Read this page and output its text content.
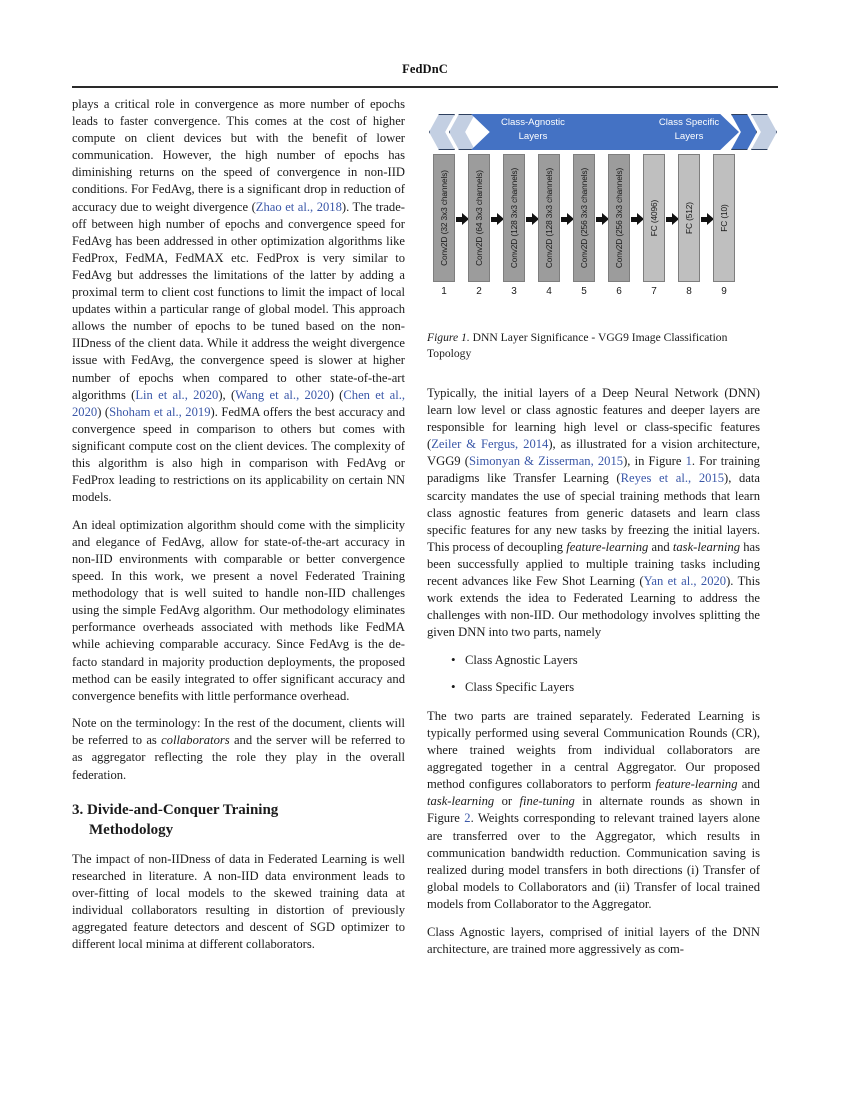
FedDnC

plays a critical role in convergence as more number of epochs leads to faster convergence. This comes at the cost of higher compute on client devices but with the benefit of lower communication. However, the high number of epochs has diminishing returns on the speed of convergence in non-IID conditions. For FedAvg, there is a significant drop in reduction of accuracy due to weight divergence (Zhao et al., 2018). The trade-off between high number of epochs and convergence speed for FedAvg has been addressed in other optimization algorithms like FedProx, FedMA, FedMAX etc. FedProx is very similar to FedAvg but addresses the limitations of the latter by adding a proximal term to client cost functions to limit the impact of local updates within a particular range of global model. This approach allows the number of epochs to be tuned based on the non-IIDness of the client data. While it address the weight divergence issue with FedAvg, the convergence speed is slower at higher number of epochs when compared to other state-of-the-art algorithms (Lin et al., 2020), (Wang et al., 2020) (Chen et al., 2020) (Shoham et al., 2019). FedMA offers the best accuracy and convergence speed in comparison to others but comes with significant compute cost on the client devices. The complexity of this algorithm is also high in comparison with FedAvg or FedProx leading to restrictions on its applicability on certain NN models.

An ideal optimization algorithm should come with the simplicity and elegance of FedAvg, allow for state-of-the-art accuracy in non-IID environments with comparable or better convergence speed. In this work, we present a novel Federated Training methodology that is well suited to handle non-IID challenges using the simple FedAvg algorithm. Our methodology eliminates performance overheads associated with methods like FedMA while achieving comparable accuracy. Since FedAvg is the de-facto standard in majority production deployments, the proposed method can be easily integrated to offer significant accuracy and convergence benefits with little performance overhead.

Note on the terminology: In the rest of the document, clients will be referred to as collaborators and the server will be referred to as aggregator reflecting the role they play in the overall federation.

3. Divide-and-Conquer Training
Methodology

The impact of non-IIDness of data in Federated Learning is well researched in literature. A non-IID data environment leads to over-fitting of local models to the skewed training data at individual collaborators resulting in distortion of previously aggregated feature detectors and descent of SGD optimizer to different local minima at different collaborators.

Class-Agnostic
Layers
Class Specific
Layers
Conv2D (32 3x3 channels)	Conv2D (64 3x3 channels)	Conv2D (128 3x3 channels)	Conv2D (128 3x3 channels)	Conv2D (256 3x3 channels)	Conv2D (256 3x3 channels)	FC (4096)	FC (512)	FC (10)
1	2	3	4	5	6	7	8	9
Figure 1. DNN Layer Significance - VGG9 Image Classification Topology

Typically, the initial layers of a Deep Neural Network (DNN) learn low level or class agnostic features and deeper layers are responsible for learning high level or class-specific features (Zeiler & Fergus, 2014), as illustrated for a vision architecture, VGG9 (Simonyan & Zisserman, 2015), in Figure 1. For training paradigms like Transfer Learning (Reyes et al., 2015), data scarcity mandates the use of special training methods that learn class agnostic features from generic datasets and learn class specific features for any new tasks by freezing the initial layers. This process of decoupling feature-learning and task-learning has been successfully applied to multiple training tasks including recent advances like Few Shot Learning (Yan et al., 2020). This work extends the idea to Federated Learning to address the challenges with non-IID. Our methodology involves splitting the given DNN into two parts, namely

• Class Agnostic Layers
• Class Specific Layers

The two parts are trained separately. Federated Learning is typically performed using several Communication Rounds (CR), where trained weights from individual collaborators are aggregated together in a central Aggregator. Our proposed method configures collaborators to perform feature-learning and task-learning or fine-tuning in alternate rounds as shown in Figure 2. Weights corresponding to relevant trained layers alone are transferred over to the Aggregator, which results in communication bandwidth reduction. Communication saving is realized during model transfers in both directions (i) Transfer of global models to Collaborators and (ii) Transfer of local trained models from Collaborator to the Aggregator.

Class Agnostic layers, comprised of initial layers of the DNN architecture, are trained more aggressively as com-
